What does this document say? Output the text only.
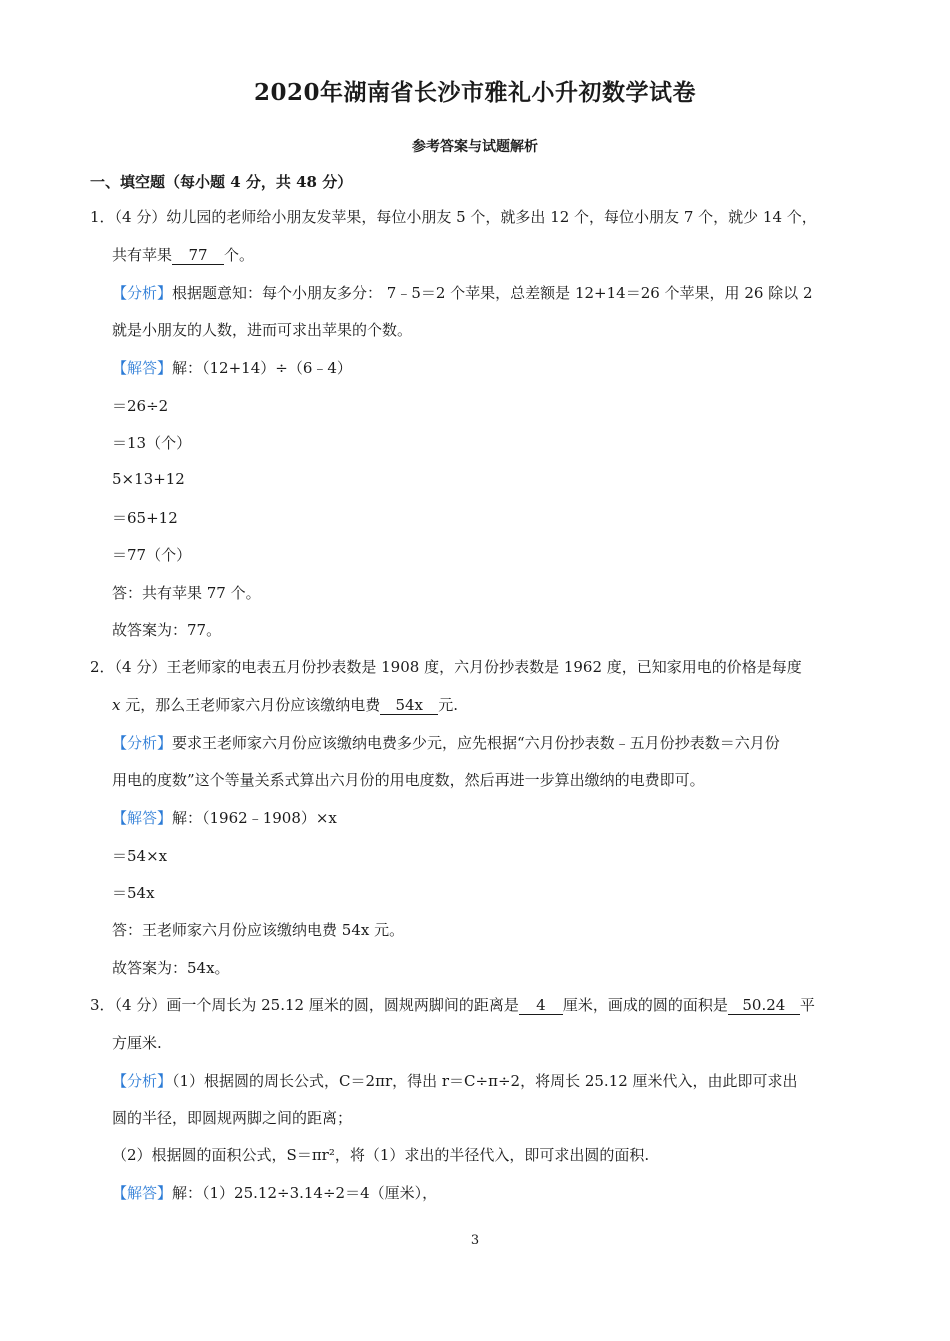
2020年湖南省长沙市雅礼小升初数学试卷
参考答案与试题解析
一、填空题（每小题 4 分，共 48 分）
1．（4 分）幼儿园的老师给小朋友发苹果，每位小朋友 5 个，就多出 12 个，每位小朋友 7 个，就少 14 个，
共有苹果 77 个。
【分析】根据题意知：每个小朋友多分： 7﹣5＝2 个苹果，总差额是 12+14＝26 个苹果，用 26 除以 2
就是小朋友的人数，进而可求出苹果的个数。
【解答】解：（12+14）÷（6﹣4）
＝26÷2
＝13（个）
5×13+12
＝65+12
＝77（个）
答：共有苹果 77 个。
故答案为：77。
2．（4 分）王老师家的电表五月份抄表数是 1908 度，六月份抄表数是 1962 度，已知家用电的价格是每度
x 元，那么王老师家六月份应该缴纳电费 54x 元.
【分析】要求王老师家六月份应该缴纳电费多少元，应先根据“六月份抄表数﹣五月份抄表数＝六月份
用电的度数”这个等量关系式算出六月份的用电度数，然后再进一步算出缴纳的电费即可。
【解答】解：（1962﹣1908）×x
＝54×x
＝54x
答：王老师家六月份应该缴纳电费 54x 元。
故答案为：54x。
3．（4 分）画一个周长为 25.12 厘米的圆，圆规两脚间的距离是 4 厘米，画成的圆的面积是 50.24 平
方厘米.
【分析】（1）根据圆的周长公式，C＝2πr，得出 r＝C÷π÷2，将周长 25.12 厘米代入，由此即可求出
圆的半径，即圆规两脚之间的距离；
（2）根据圆的面积公式，S＝πr²，将（1）求出的半径代入，即可求出圆的面积.
【解答】解：（1）25.12÷3.14÷2＝4（厘米），
3
